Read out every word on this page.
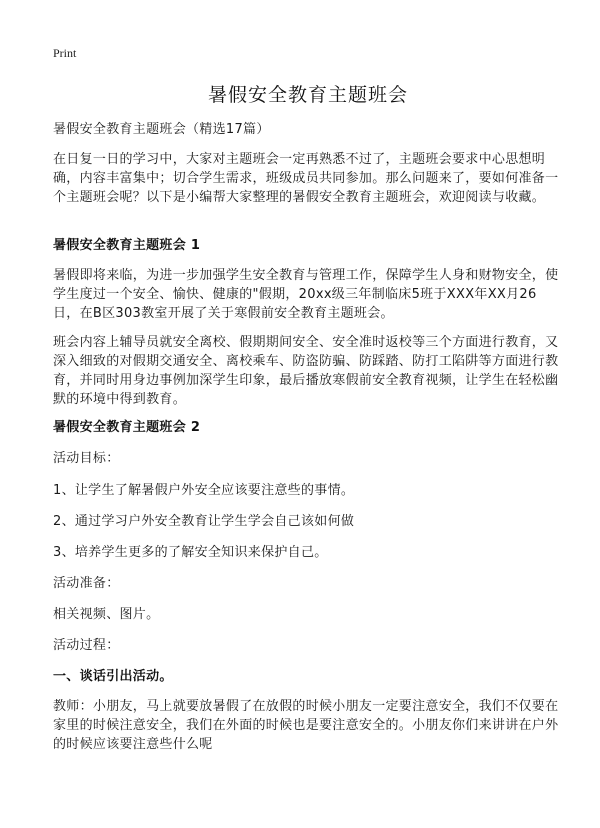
Print
暑假安全教育主题班会

暑假安全教育主题班会（精选17篇）

在日复一日的学习中，大家对主题班会一定再熟悉不过了，主题班会要求中心思想明确，内容丰富集中；切合学生需求，班级成员共同参加。那么问题来了，要如何准备一个主题班会呢？以下是小编帮大家整理的暑假安全教育主题班会，欢迎阅读与收藏。

暑假安全教育主题班会 1

暑假即将来临，为进一步加强学生安全教育与管理工作，保障学生人身和财物安全，使学生度过一个安全、愉快、健康的"假期，20xx级三年制临床5班于XXX年XX月26日，在B区303教室开展了关于寒假前安全教育主题班会。

班会内容上辅导员就安全离校、假期期间安全、安全准时返校等三个方面进行教育，又深入细致的对假期交通安全、离校乘车、防盗防骗、防踩踏、防打工陷阱等方面进行教育，并同时用身边事例加深学生印象，最后播放寒假前安全教育视频，让学生在轻松幽默的环境中得到教育。

暑假安全教育主题班会 2

活动目标：

1、让学生了解暑假户外安全应该要注意些的事情。

2、通过学习户外安全教育让学生学会自己该如何做

3、培养学生更多的了解安全知识来保护自己。

活动准备：

相关视频、图片。

活动过程：

一、谈话引出活动。

教师：小朋友，马上就要放暑假了在放假的时候小朋友一定要注意安全，我们不仅要在家里的时候注意安全，我们在外面的时候也是要注意安全的。小朋友你们来讲讲在户外的时候应该要注意些什么呢
